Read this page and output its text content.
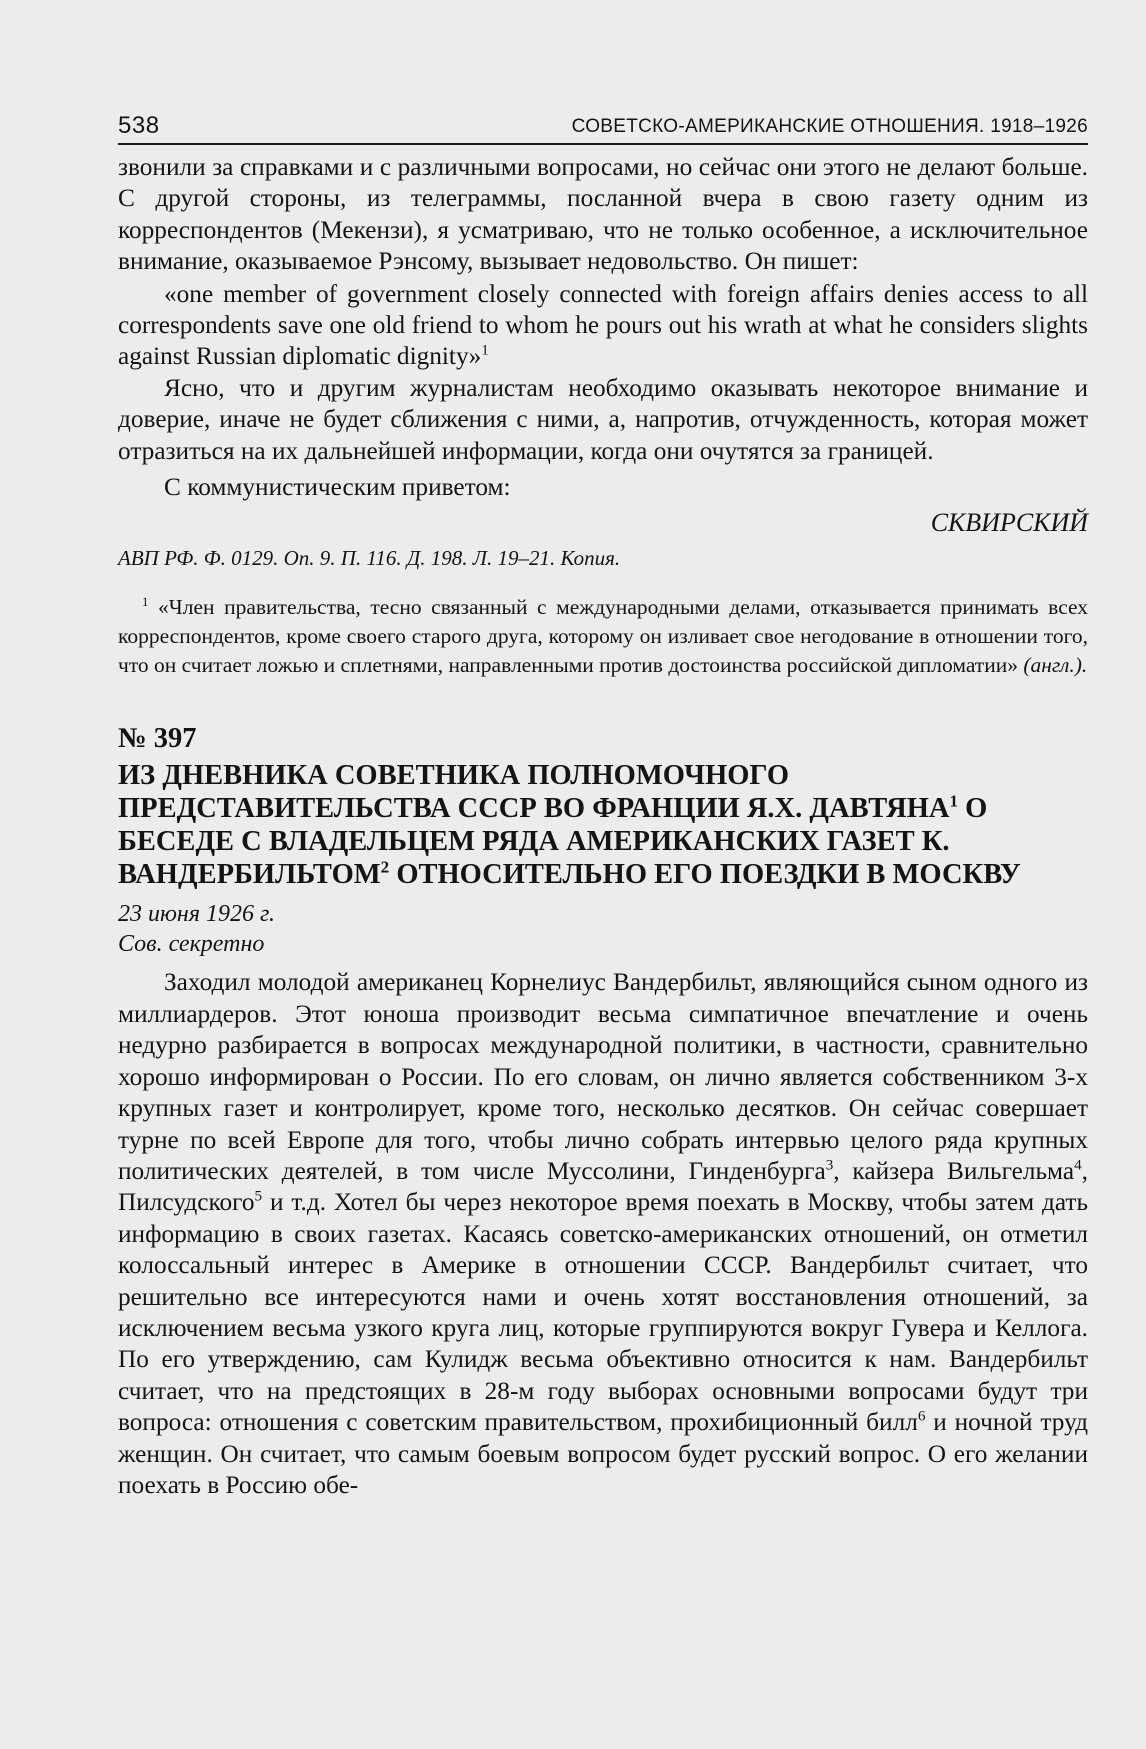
538	СОВЕТСКО-АМЕРИКАНСКИЕ ОТНОШЕНИЯ. 1918–1926

звонили за справками и с различными вопросами, но сейчас они этого не делают больше. С другой стороны, из телеграммы, посланной вчера в свою газету одним из корреспондентов (Мекензи), я усматриваю, что не только особенное, а исключительное внимание, оказываемое Рэнсому, вызывает недовольство. Он пишет:

«one member of government closely connected with foreign affairs denies access to all correspondents save one old friend to whom he pours out his wrath at what he considers slights against Russian diplomatic dignity»$^1$

Ясно, что и другим журналистам необходимо оказывать некоторое внимание и доверие, иначе не будет сближения с ними, а, напротив, отчужденность, которая может отразиться на их дальнейшей информации, когда они очутятся за границей.

С коммунистическим приветом:

СКВИРСКИЙ
АВП РФ. Ф. 0129. Оп. 9. П. 116. Д. 198. Л. 19–21. Копия.

$^1$ «Член правительства, тесно связанный с международными делами, отказывается принимать всех корреспондентов, кроме своего старого друга, которому он изливает свое негодование в отношении того, что он считает ложью и сплетнями, направленными против достоинства российской дипломатии» (англ.).

№ 397
ИЗ ДНЕВНИКА СОВЕТНИКА ПОЛНОМОЧНОГО ПРЕДСТАВИТЕЛЬСТВА СССР ВО ФРАНЦИИ Я.Х. ДАВТЯНА$^1$ О БЕСЕДЕ С ВЛАДЕЛЬЦЕМ РЯДА АМЕРИКАНСКИХ ГАЗЕТ К. ВАНДЕРБИЛЬТОМ$^2$ ОТНОСИТЕЛЬНО ЕГО ПОЕЗДКИ В МОСКВУ
23 июня 1926 г.
Сов. секретно

Заходил молодой американец Корнелиус Вандербильт, являющийся сыном одного из миллиардеров. Этот юноша производит весьма симпатичное впечатление и очень недурно разбирается в вопросах международной политики, в частности, сравнительно хорошо информирован о России. По его словам, он лично является собственником 3-х крупных газет и контролирует, кроме того, несколько десятков. Он сейчас совершает турне по всей Европе для того, чтобы лично собрать интервью целого ряда крупных политических деятелей, в том числе Муссолини, Гинденбурга$^3$, кайзера Вильгельма$^4$, Пилсудского$^5$ и т.д. Хотел бы через некоторое время поехать в Москву, чтобы затем дать информацию в своих газетах. Касаясь советско-американских отношений, он отметил колоссальный интерес в Америке в отношении СССР. Вандербильт считает, что решительно все интересуются нами и очень хотят восстановления отношений, за исключением весьма узкого круга лиц, которые группируются вокруг Гувера и Келлога. По его утверждению, сам Кулидж весьма объективно относится к нам. Вандербильт считает, что на предстоящих в 28-м году выборах основными вопросами будут три вопроса: отношения с советским правительством, прохибиционный билл$^6$ и ночной труд женщин. Он считает, что самым боевым вопросом будет русский вопрос. О его желании поехать в Россию обе-
